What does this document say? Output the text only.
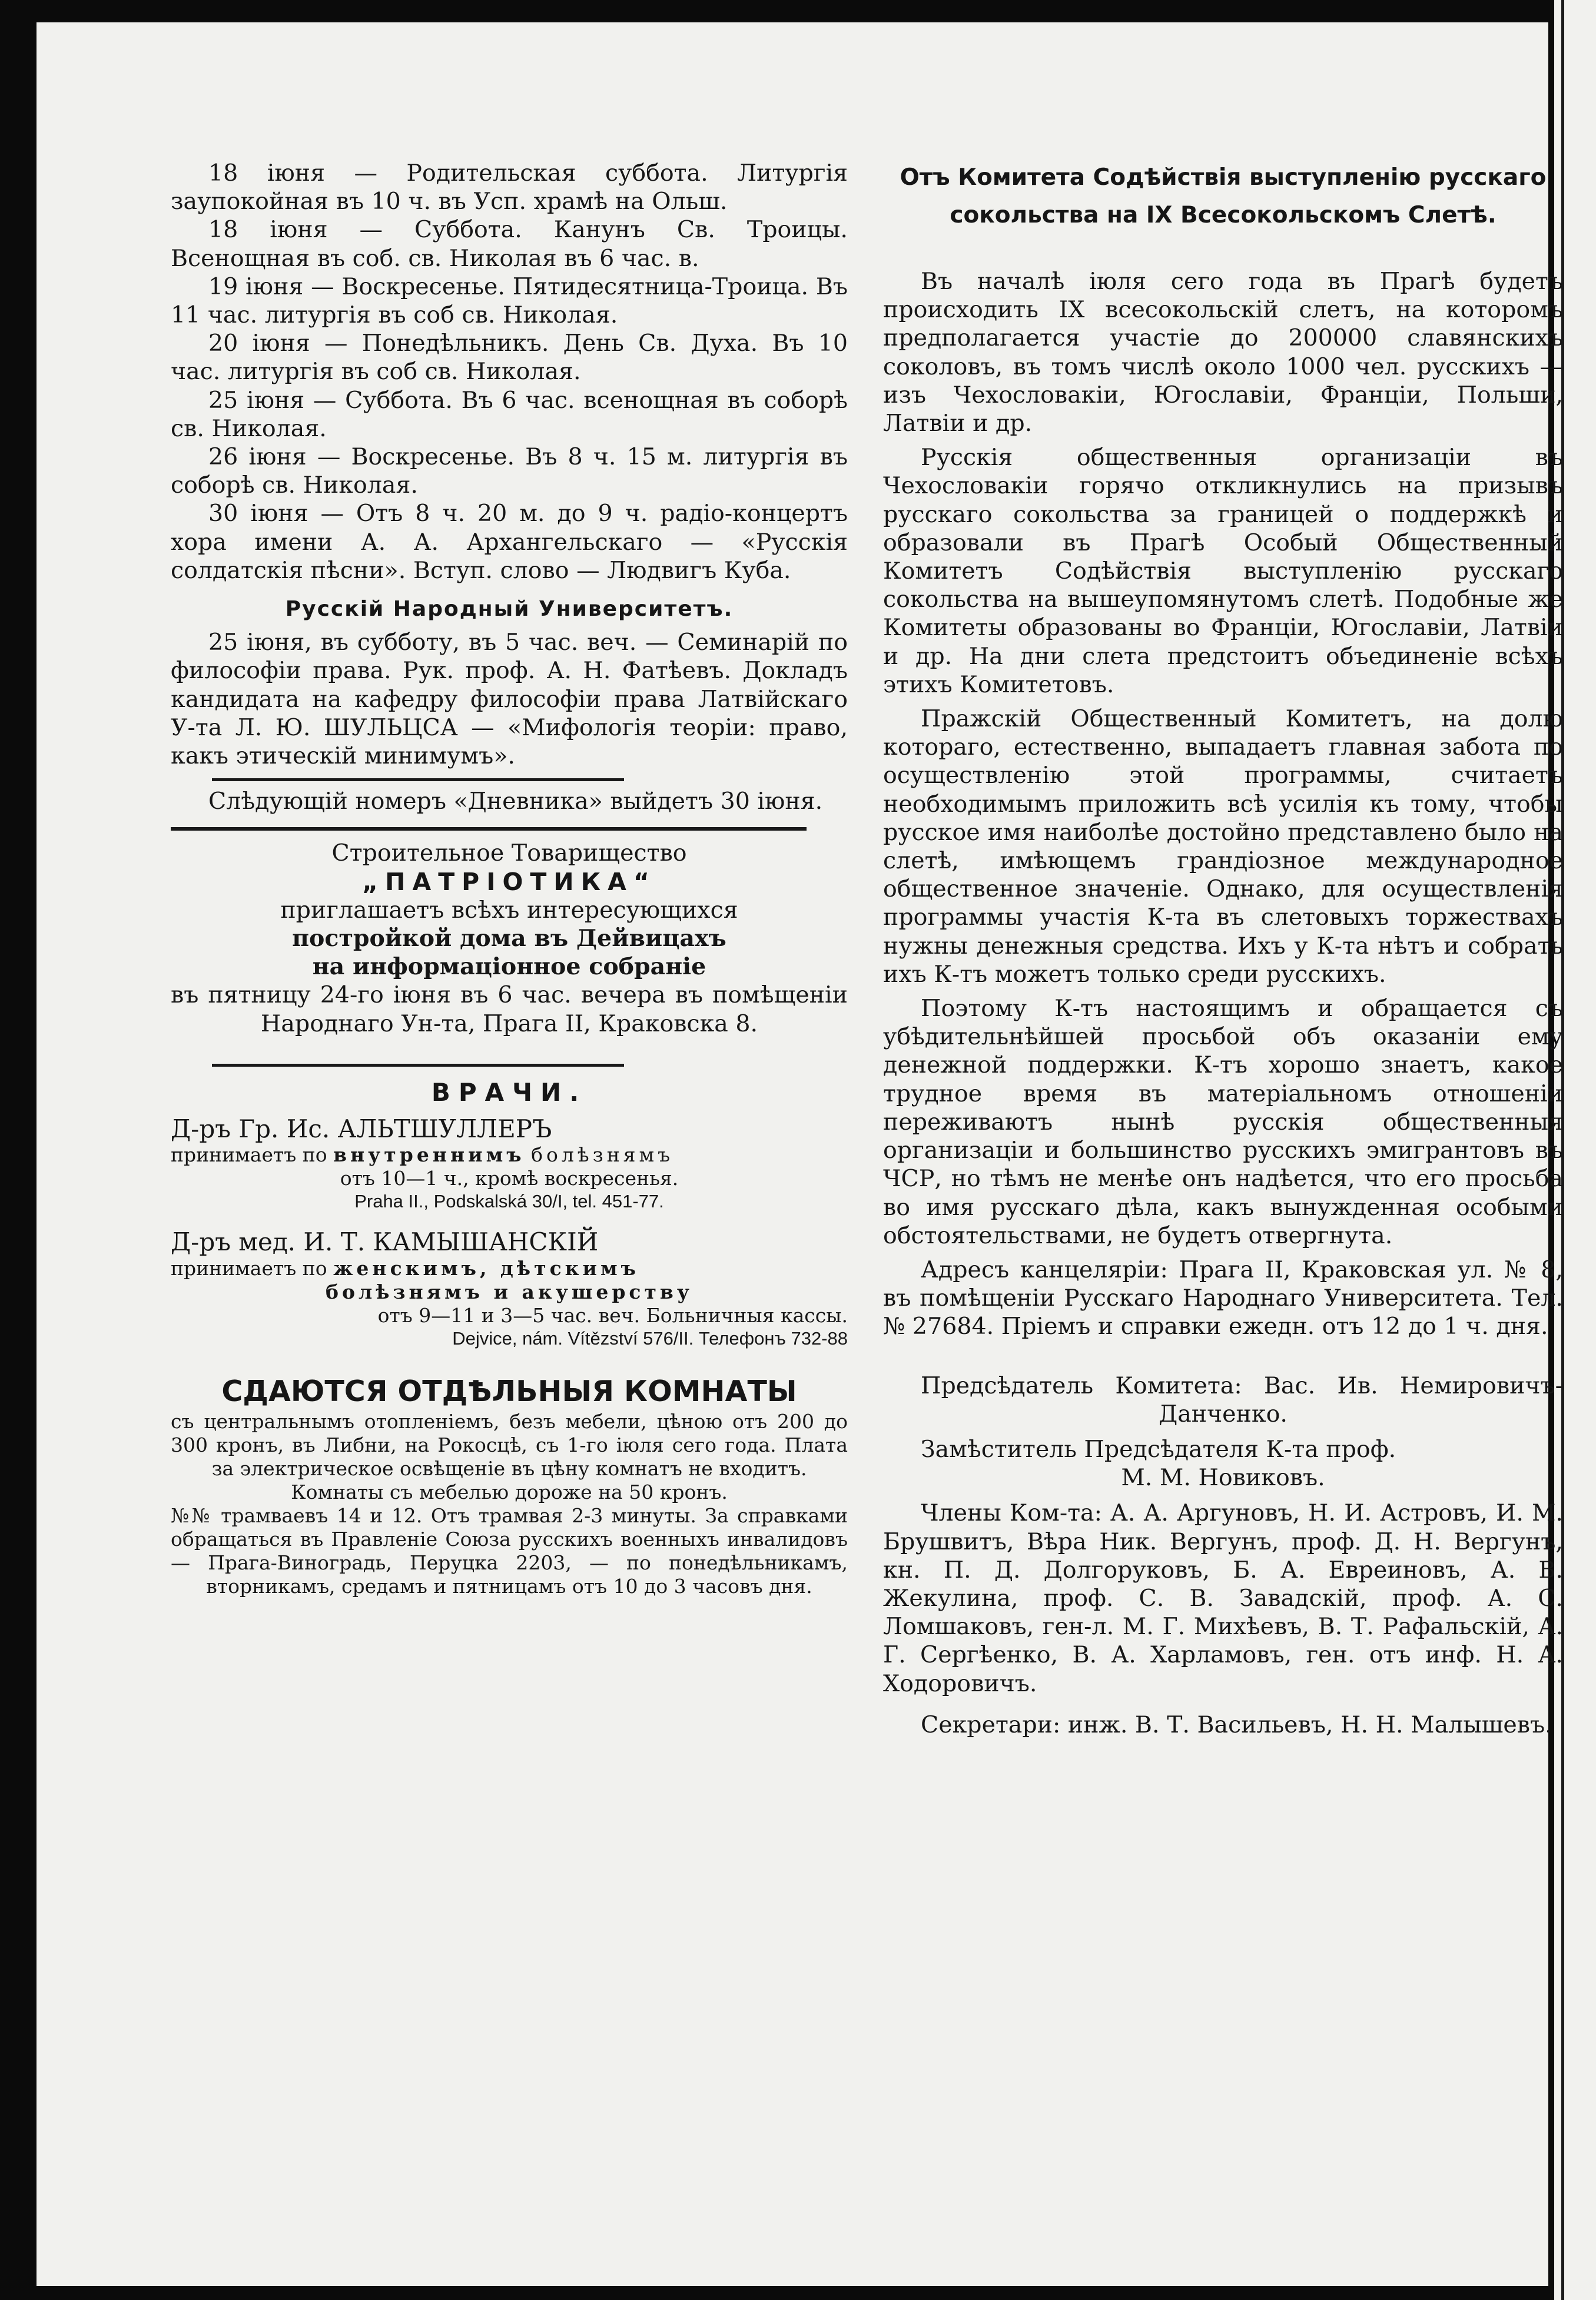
18 іюня — Родительская суббота. Литургія заупокойная въ 10 ч. въ Усп. храмѣ на Ольш.

18 іюня — Суббота. Канунъ Св. Троицы. Всенощная въ соб. св. Николая въ 6 час. в.

19 іюня — Воскресенье. Пятидесятница-Троица. Въ 11 час. литургія въ соб св. Николая.

20 іюня — Понедѣльникъ. День Св. Духа. Въ 10 час. литургія въ соб св. Николая.

25 іюня — Суббота. Въ 6 час. всенощная въ соборѣ св. Николая.

26 іюня — Воскресенье. Въ 8 ч. 15 м. литургія въ соборѣ св. Николая.

30 іюня — Отъ 8 ч. 20 м. до 9 ч. радіо-концертъ хора имени А. А. Архангельскаго — «Русскія солдатскія пѣсни». Вступ. слово — Людвигъ Куба.

Русскій Народный Университетъ.

25 іюня, въ субботу, въ 5 час. веч. — Семинарій по философіи права. Рук. проф. А. Н. Фатѣевъ. Докладъ кандидата на кафедру философіи права Латвійскаго У-та Л. Ю. ШУЛЬЦСА — «Мифологія теоріи: право, какъ этическій минимумъ».

Слѣдующій номеръ «Дневника» выйдетъ 30 іюня.

Строительное Товарищество

„ПАТРІОТИКА“

приглашаетъ всѣхъ интересующихся

постройкой дома въ Дейвицахъ

на информаціонное собраніе

въ пятницу 24-го іюня въ 6 час. вечера въ помѣщеніи Народнаго Ун-та, Прага II, Краковска 8.

ВРАЧИ.

Д-ръ Гр. Ис. АЛЬТШУЛЛЕРЪ

принимаетъ по внутреннимъ болѣзнямъ

отъ 10—1 ч., кромѣ воскресенья.

Praha II., Podskalská 30/I, tel. 451-77.

Д-ръ мед. И. Т. КАМЫШАНСКІЙ

принимаетъ по женскимъ, дѣтскимъ

болѣзнямъ и акушерству

отъ 9—11 и 3—5 час. веч. Больничныя кассы.

Dejvice, nám. Vítězství 576/II. Телефонъ 732-88

СДАЮТСЯ ОТДѢЛЬНЫЯ КОМНАТЫ

съ центральнымъ отопленіемъ, безъ мебели, цѣною отъ 200 до 300 кронъ, въ Либни, на Рокосцѣ, съ 1-го іюля сего года. Плата за электрическое освѣщеніе въ цѣну комнатъ не входитъ.

Комнаты съ мебелью дороже на 50 кронъ.

№№ трамваевъ 14 и 12. Отъ трамвая 2-3 минуты. За справками обращаться въ Правленіе Союза русскихъ военныхъ инвалидовъ — Прага-Виноградь, Перуцка 2203, — по понедѣльникамъ, вторникамъ, средамъ и пятницамъ отъ 10 до 3 часовъ дня.

Отъ Комитета Содѣйствія выступленію русскаго сокольства на IX Всесокольскомъ Слетѣ.

Въ началѣ іюля сего года въ Прагѣ будетъ происходить IX всесокольскій слетъ, на которомъ предполагается участіе до 200000 славянскихъ соколовъ, въ томъ числѣ около 1000 чел. русскихъ — изъ Чехословакіи, Югославіи, Франціи, Польши, Латвіи и др.

Русскія общественныя организаціи въ Чехословакіи горячо откликнулись на призывъ русскаго сокольства за границей о поддержкѣ и образовали въ Прагѣ Особый Общественный Комитетъ Содѣйствія выступленію русскаго сокольства на вышеупомянутомъ слетѣ. Подобные же Комитеты образованы во Франціи, Югославіи, Латвіи и др. На дни слета предстоитъ объединеніе всѣхъ этихъ Комитетовъ.

Пражскій Общественный Комитетъ, на долю котораго, естественно, выпадаетъ главная забота по осуществленію этой программы, считаетъ необходимымъ приложить всѣ усилія къ тому, чтобы русское имя наиболѣе достойно представлено было на слетѣ, имѣющемъ грандіозное международное общественное значеніе. Однако, для осуществленія программы участія К-та въ слетовыхъ торжествахъ нужны денежныя средства. Ихъ у К-та нѣтъ и собрать ихъ К-тъ можетъ только среди русскихъ.

Поэтому К-тъ настоящимъ и обращается съ убѣдительнѣйшей просьбой объ оказаніи ему денежной поддержки. К-тъ хорошо знаетъ, какое трудное время въ матеріальномъ отношеніи переживаютъ нынѣ русскія общественныя организаціи и большинство русскихъ эмигрантовъ въ ЧСР, но тѣмъ не менѣе онъ надѣется, что его просьба во имя русскаго дѣла, какъ вынужденная особыми обстоятельствами, не будетъ отвергнута.

Адресъ канцеляріи: Прага II, Краковская ул. № 8, въ помѣщеніи Русскаго Народнаго Университета. Тел. № 27684. Пріемъ и справки ежедн. отъ 12 до 1 ч. дня.

Предсѣдатель Комитета: Вас. Ив. Немировичъ-Данченко.

Замѣститель Предсѣдателя К-та проф.

М. М. Новиковъ.

Члены Ком-та: А. А. Аргуновъ, Н. И. Астровъ, И. М. Брушвитъ, Вѣра Ник. Вергунъ, проф. Д. Н. Вергунъ, кн. П. Д. Долгоруковъ, Б. А. Евреиновъ, А. В. Жекулина, проф. С. В. Завадскій, проф. А. С. Ломшаковъ, ген-л. М. Г. Михѣевъ, В. Т. Рафальскій, А. Г. Сергѣенко, В. А. Харламовъ, ген. отъ инф. Н. А. Ходоровичъ.

Секретари: инж. В. Т. Васильевъ, Н. Н. Малышевъ.
